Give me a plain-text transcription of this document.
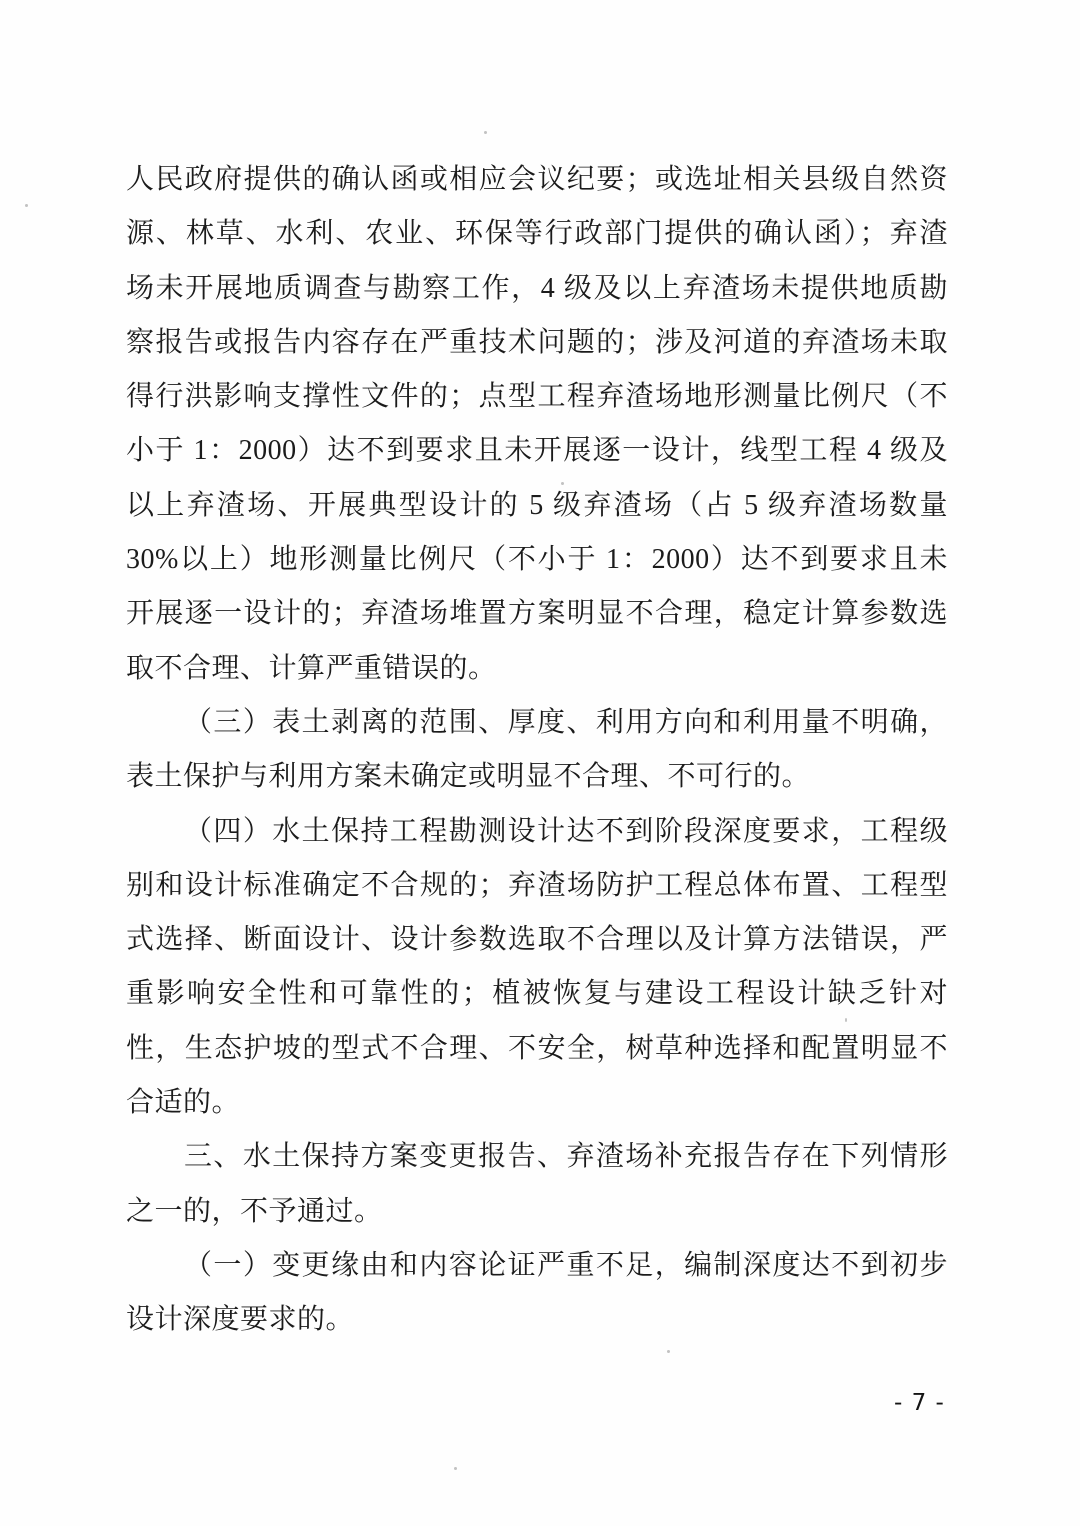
人民政府提供的确认函或相应会议纪要；或选址相关县级自然资
源、林草、水利、农业、环保等行政部门提供的确认函）；弃渣
场未开展地质调查与勘察工作，4 级及以上弃渣场未提供地质勘
察报告或报告内容存在严重技术问题的；涉及河道的弃渣场未取
得行洪影响支撑性文件的；点型工程弃渣场地形测量比例尺（不
小于 1：2000）达不到要求且未开展逐一设计，线型工程 4 级及
以上弃渣场、开展典型设计的 5 级弃渣场（占 5 级弃渣场数量
30%以上）地形测量比例尺（不小于 1：2000）达不到要求且未
开展逐一设计的；弃渣场堆置方案明显不合理，稳定计算参数选
取不合理、计算严重错误的。
（三）表土剥离的范围、厚度、利用方向和利用量不明确，
表土保护与利用方案未确定或明显不合理、不可行的。
（四）水土保持工程勘测设计达不到阶段深度要求，工程级
别和设计标准确定不合规的；弃渣场防护工程总体布置、工程型
式选择、断面设计、设计参数选取不合理以及计算方法错误，严
重影响安全性和可靠性的；植被恢复与建设工程设计缺乏针对
性，生态护坡的型式不合理、不安全，树草种选择和配置明显不
合适的。
三、水土保持方案变更报告、弃渣场补充报告存在下列情形
之一的，不予通过。
（一）变更缘由和内容论证严重不足，编制深度达不到初步
设计深度要求的。
- 7 -
